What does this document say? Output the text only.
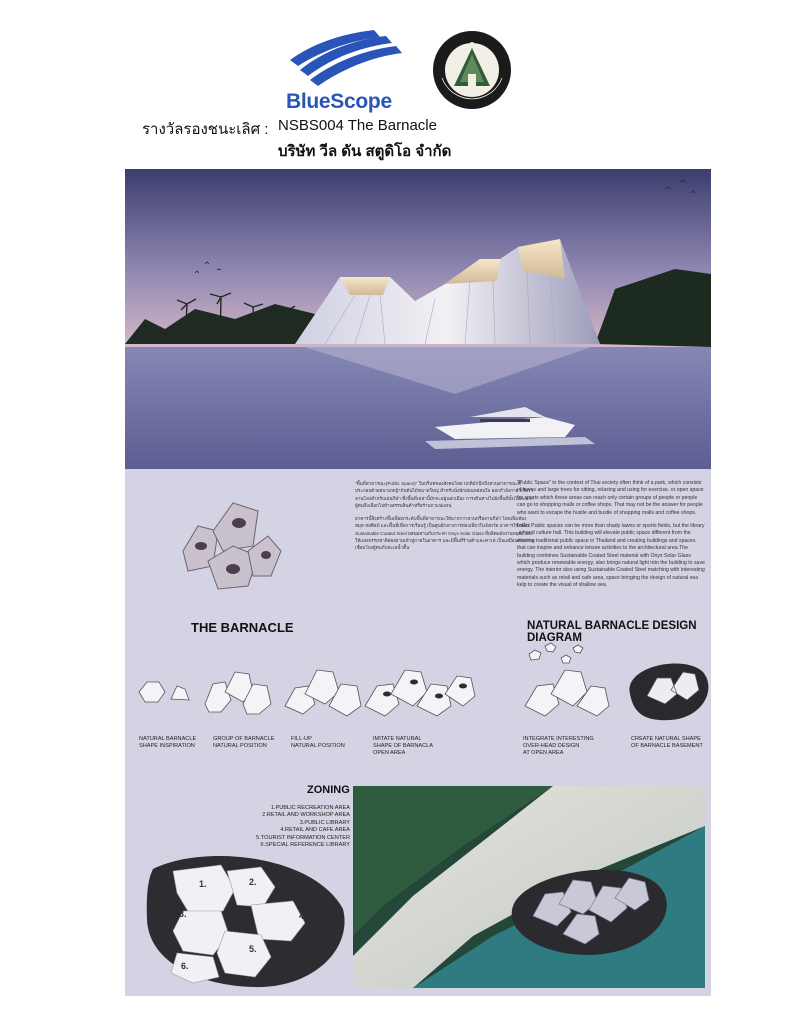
BlueScope
รางวัลรองชนะเลิศ : NSBS004 The Barnacle
บริษัท วีล ดัน สตูดิโอ จำกัด

"พื้นที่สาธารณะ(Public Space)" ในบริบทของสังคมไทย ปกติมักนึกถึงสวนสาธารณะที่ประกอบด้วยสนามหญ้ากับต้นไม้ขนาดใหญ่ สำหรับนั่งพักผ่อนหย่อนใจ ออกกำลังกาย หรือว่าลานโล่งสำหรับเล่นกีฬา ซึ่งพื้นที่เหล่านี้มักจะอยู่นอกเมือง การเดินทางไปยังพื้นที่นั้นไม่สะดวก ผู้คนจึงเลือกไปห้างสรรพสินค้าหรือร้านกาแฟแทน

อาคารนี้จึงสร้างขึ้นเพื่อยกระดับพื้นที่สาธารณะให้มากกว่าสวนหรือลานกีฬา โดยเพิ่มห้องสมุด หอศิลป์ และพื้นที่เพื่อการเรียนรู้ เป็นศูนย์กลางการท่องเที่ยวในจังหวัด อาคารใช้เหล็ก Sustainable Coated Steel ผสมผสานกับกระจก Onyx Solar Glass ที่ผลิตพลังงานหมุนเวียน ให้แสงธรรมชาติส่องผ่านเข้าสู่ภายในอาคาร และมีพื้นที่ร้านค้าและคาเฟ่ เป็นเสมือนตัวกลางเชื่อมโยงผู้คนกับทะเลน้ำตื้น

"Public Space" in the context of Thai society often think of a park, which consists of lawns and large trees for sitting, relaxing and using for exercise, or open space for sports which these areas can reach only certain groups of people or people can go to shopping malls or coffee shops. That may not be the answer for people who want to escape the hustle and bustle of shopping malls and coffee shops.

Infact Public spaces can be more than shady lawns or sports fields, but the library ,art and culture hall. This building will elevate public space different from the existing traditional public space in Thailand and creating buildings and spaces that can inspire and enhance leisure activities to the architectural area.The building combines Sustainable Coated Steel material with Onyx Solar Glass which produce renewable energy, also brings natural light into the building to save energy. The interior also using Sustainable Coated Steel matching with interesting materials such as retail and cafe area, space bringing the design of natural sea kelp to create the visual of shallow sea.

THE BARNACLE	NATURAL BARNACLE DESIGN DIAGRAM
NATURAL BARNACLE
SHAPE INSPIRATION
GROUP OF BARNACLE
NATURAL POSITION
FILL-UP
NATURAL POSITION
IMITATE NATURAL
SHAPE OF BARNACLA
OPEN AREA
INTEGRATE INTERESTING
OVER-HEAD DESIGN
AT OPEN AREA
CREATE NATURAL SHAPE
OF BARNACLE BASEMENT
ZONING
1.PUBLIC RECREATION AREA
2.RETAIL AND WORKSHOP AREA
3.PUBLIC LIBRARY
4.RETAIL AND CAFE AREA
5.TOURIST INFORMATION CENTER
6.SPECIAL REFERENCE LIBRARY
1.	2.
3.	4.
5.
6.
